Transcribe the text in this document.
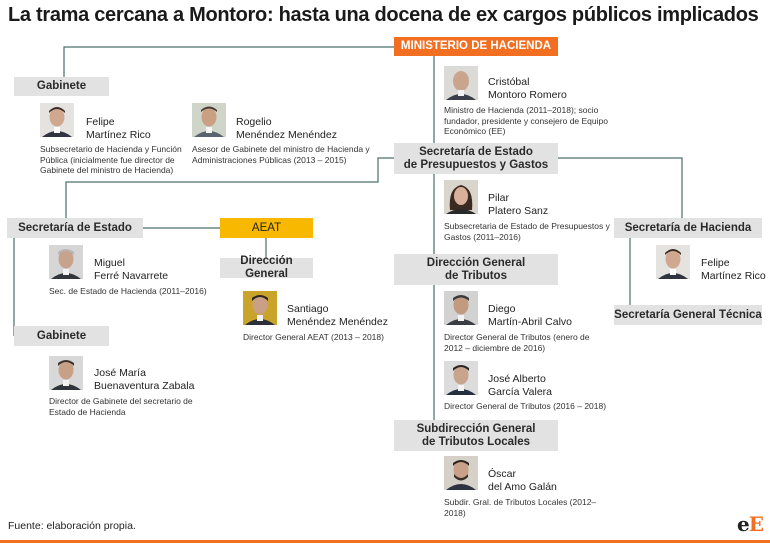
La trama cercana a Montoro: hasta una docena de ex cargos públicos implicados
MINISTERIO DE HACIENDA
Gabinete
Secretaría de Estado
de Presupuestos y Gastos
Secretaría de Estado	AEAT
Dirección General
Dirección General
de Tributos
Secretaría de Hacienda
Secretaría General Técnica
Gabinete
Subdirección General
de Tributos Locales
Cristóbal
Montoro Romero
Ministro de Hacienda (2011–2018); socio fundador, presidente y consejero de Equipo Económico (EE)
Felipe
Martínez Rico
Subsecretario de Hacienda y Función Pública (inicialmente fue director de Gabinete del ministro de Hacienda)
Rogelio
Menéndez Menéndez
Asesor de Gabinete del ministro de Hacienda y Administraciones Públicas (2013 – 2015)
Pilar
Platero Sanz
Subsecretaria de Estado de Presupuestos y Gastos (2011–2016)
Miguel
Ferré Navarrete
Sec. de Estado de Hacienda (2011–2016)
Felipe
Martínez Rico
Santiago
Menéndez Menéndez
Director General AEAT (2013 – 2018)
Diego
Martín-Abril Calvo
Director General de Tributos (enero de 2012 – diciembre de 2016)
José Alberto
García Valera
Director General de Tributos (2016 – 2018)
José María
Buenaventura Zabala
Director de Gabinete del secretario de Estado de Hacienda
Óscar
del Amo Galán
Subdir. Gral. de Tributos Locales (2012–2018)
Fuente: elaboración propia.	eE
